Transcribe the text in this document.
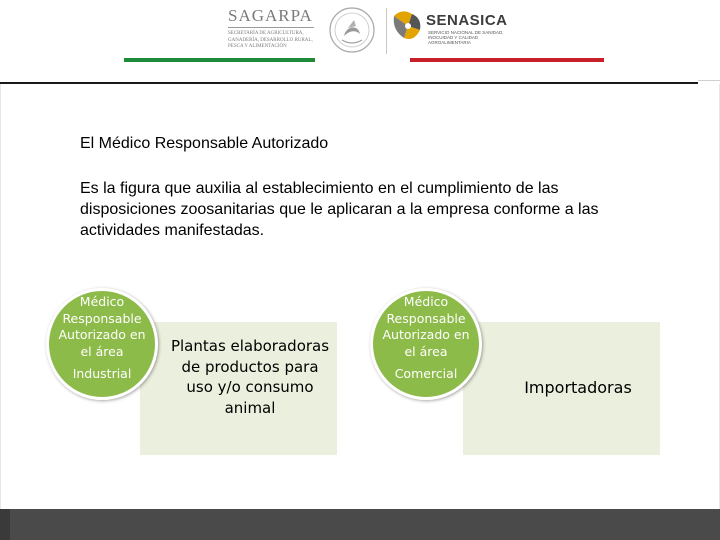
SAGARPA
SECRETARÍA DE AGRICULTURA, GANADERÍA, DESARROLLO RURAL, PESCA Y ALIMENTACIÓN
SENASICA
SERVICIO NACIONAL DE SANIDAD, INOCUIDAD Y CALIDAD AGROALIMENTARIA
El Médico Responsable Autorizado
Es la figura que auxilia al establecimiento en el cumplimiento de las disposiciones zoosanitarias que le aplicaran a la empresa conforme a las actividades manifestadas.
Plantas elaboradoras de productos para uso y/o consumo animal
Médico
Responsable
Autorizado en
el área
Industrial
Importadoras
Médico
Responsable
Autorizado en
el área
Comercial
